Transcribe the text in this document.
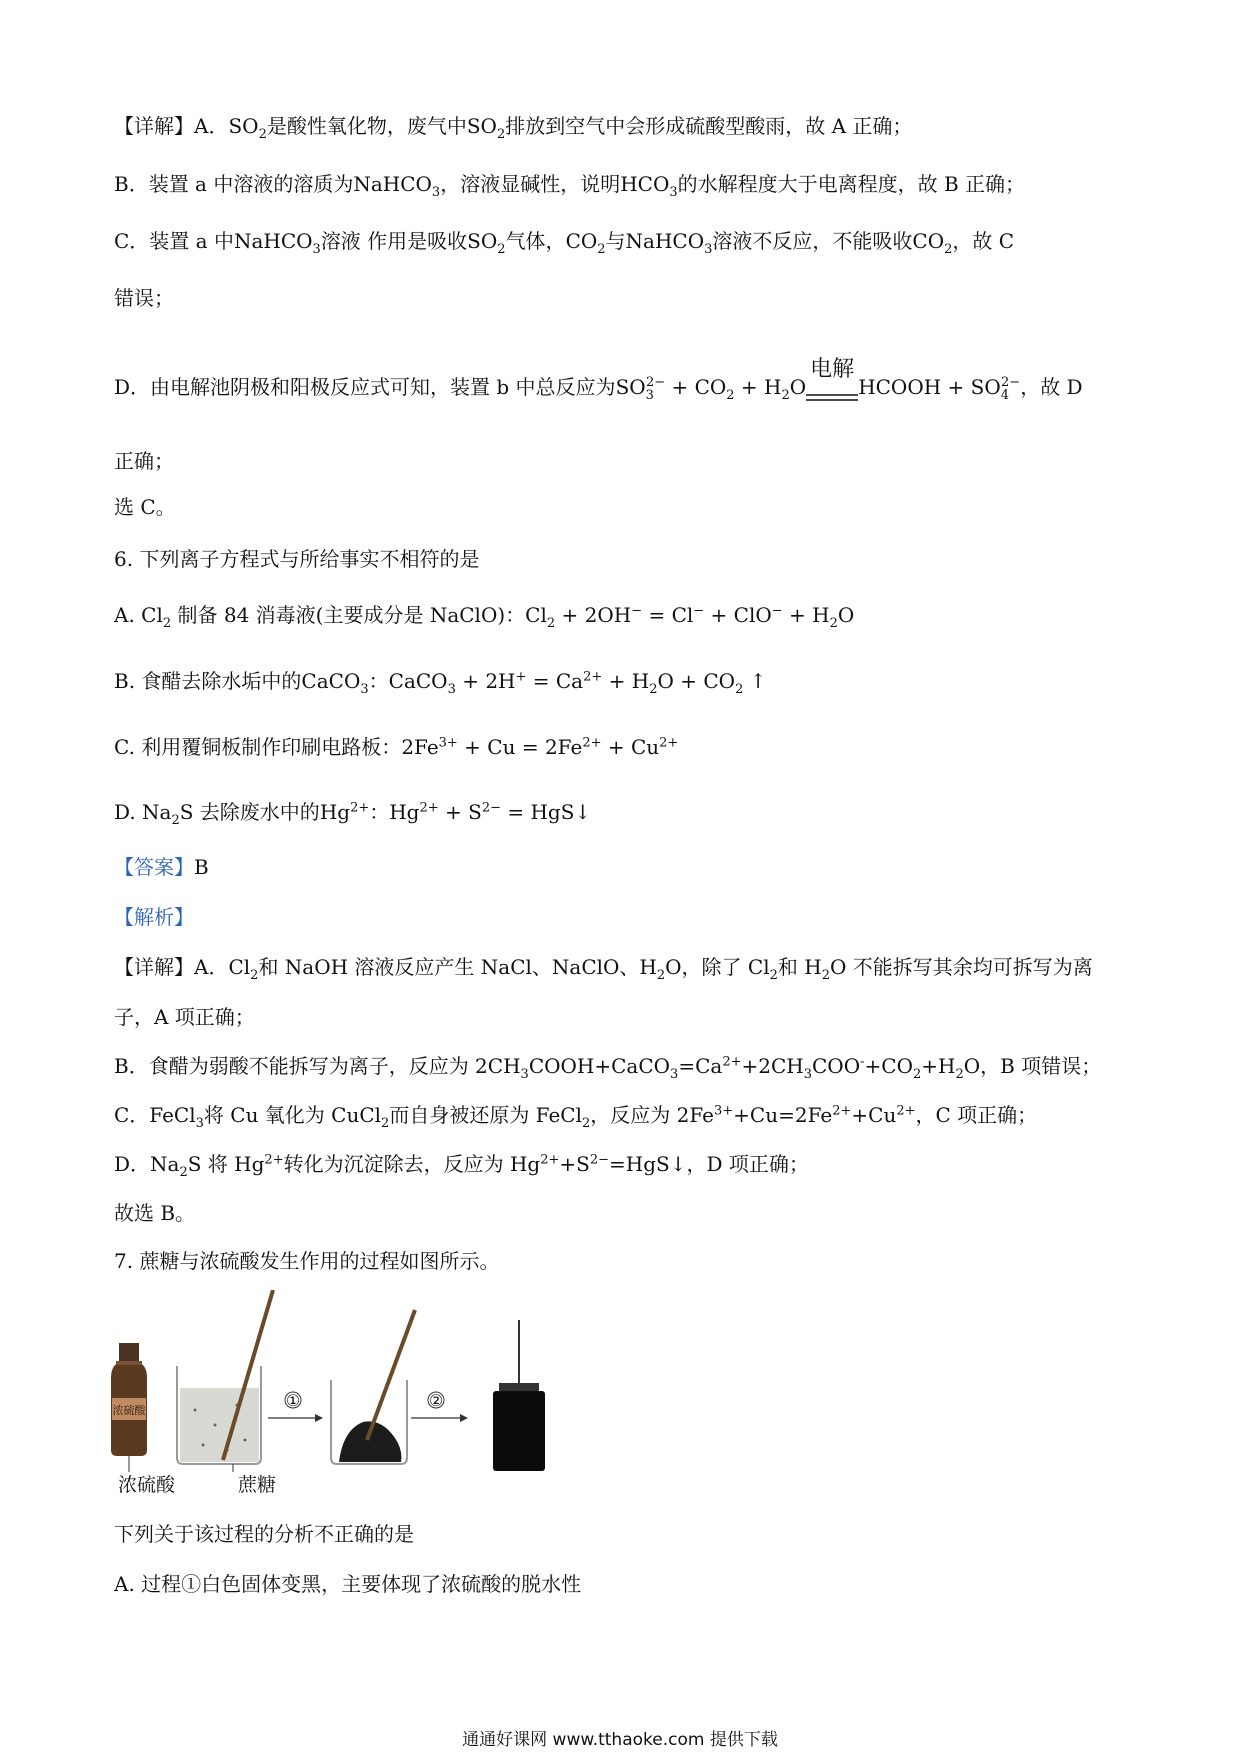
【详解】A．$SO_2$是酸性氧化物，废气中$SO_2$排放到空气中会形成硫酸型酸雨，故 A 正确；
B．装置 a 中溶液的溶质为NaHCO$_3$，溶液显碱性，说明$HCO_3$的水解程度大于电离程度，故 B 正确；
C．装置 a 中NaHCO$_3$溶液 作用是吸收$SO_2$气体，$CO_2$与NaHCO$_3$溶液不反应，不能吸收$CO_2$，故 C
错误；
D．由电解池阴极和阳极反应式可知，装置 b 中总反应为$SO_3^{2-} + CO_2 + H_2O$
电解
HCOOH + $SO_4^{2-}$，故 D
正确；
选 C。
6. 下列离子方程式与所给事实不相符的是
A. $Cl_2$ 制备 84 消毒液(主要成分是 NaClO)：$Cl_2 + 2OH^- = Cl^- + ClO^- + H_2O$
B. 食醋去除水垢中的CaCO$_3$：CaCO$_3$ + $2H^+ = Ca^{2+} + H_2O + CO_2$ ↑
C. 利用覆铜板制作印刷电路板：$2Fe^{3+} + Cu = 2Fe^{2+} + Cu^{2+}$
D. $Na_2S$ 去除废水中的$Hg^{2+}$：$Hg^{2+} + S^{2-}$ = HgS↓
【答案】B
【解析】
【详解】A．$Cl_2$和 NaOH 溶液反应产生 NaCl、NaClO、$H_2O$，除了 $Cl_2$和 $H_2O$ 不能拆写其余均可拆写为离
子，A 项正确；
B．食醋为弱酸不能拆写为离子，反应为 $2CH_3COOH+CaCO_3=Ca^{2+}+2CH_3COO^-+CO_2+H_2O$，B 项错误；
C．FeCl$_3$将 Cu 氧化为 CuCl$_2$而自身被还原为 FeCl$_2$，反应为 $2Fe^{3+}+Cu=2Fe^{2+}+Cu^{2+}$，C 项正确；
D．$Na_2S$ 将 $Hg^{2+}$转化为沉淀除去，反应为 $Hg^{2+}+S^{2-}=HgS↓$，D 项正确；
故选 B。
7. 蔗糖与浓硫酸发生作用的过程如图所示。
浓硫酸
①	②
浓硫酸	蔗糖
下列关于该过程的分析不正确的是
A. 过程①白色固体变黑，主要体现了浓硫酸的脱水性
通通好课网 www.tthaoke.com 提供下载
